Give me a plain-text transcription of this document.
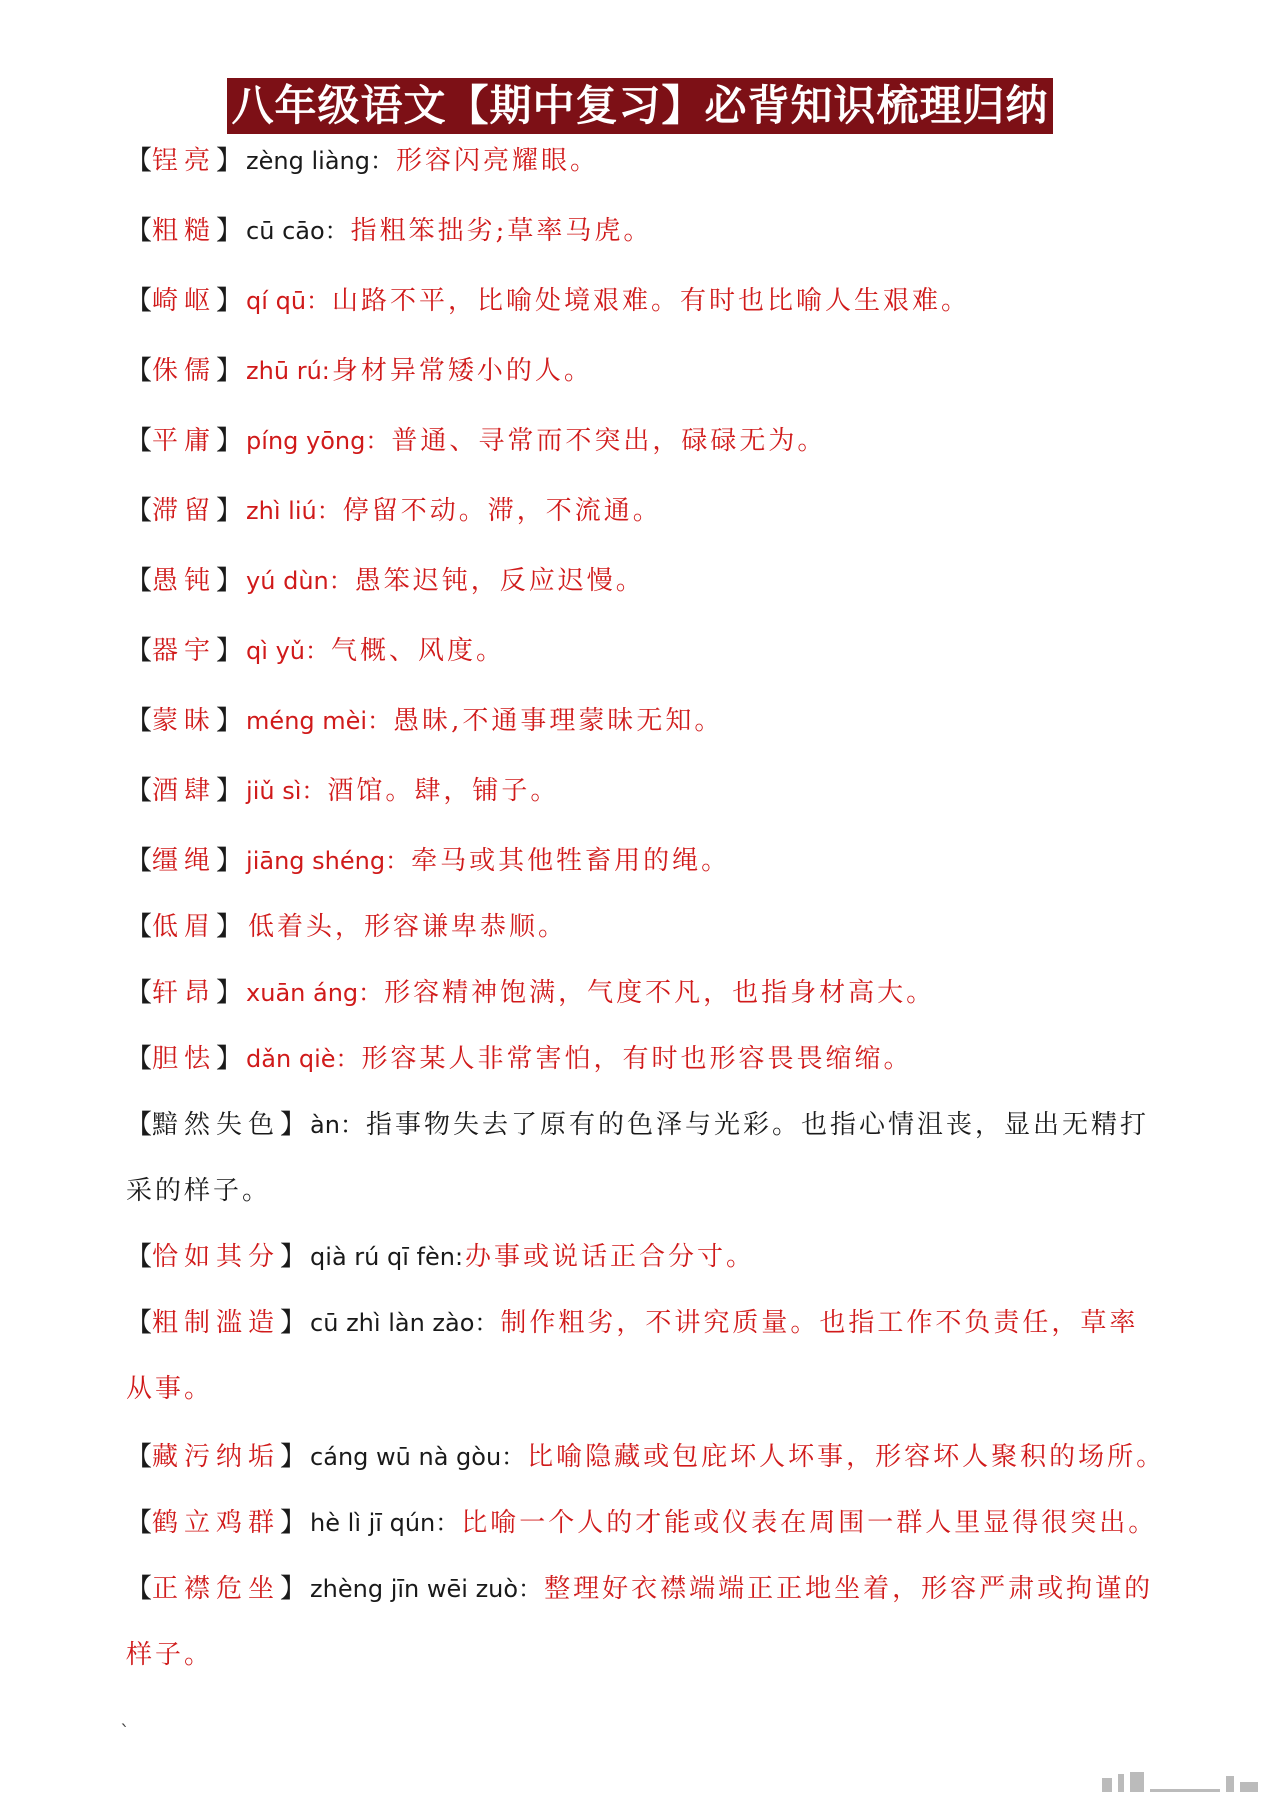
八年级语文【期中复习】必背知识梳理归纳
【锃亮】 zèng liàng：形容闪亮耀眼。
【粗糙】 cū cāo：指粗笨拙劣;草率马虎。
【崎岖】 qí qū：山路不平，比喻处境艰难。有时也比喻人生艰难。
【侏儒】 zhū rú:身材异常矮小的人。
【平庸】 píng yōng：普通、寻常而不突出，碌碌无为。
【滞留】 zhì liú：停留不动。滞，不流通。
【愚钝】 yú dùn：愚笨迟钝，反应迟慢。
【器宇】 qì yǔ：气概、风度。
【蒙昧】 méng mèi：愚昧,不通事理蒙昧无知。
【酒肆】 jiǔ sì：酒馆。肆，铺子。
【缰绳】 jiāng shéng：牵马或其他牲畜用的绳。
【低眉】 低着头，形容谦卑恭顺。
【轩昂】 xuān áng：形容精神饱满，气度不凡，也指身材高大。
【胆怯】 dǎn qiè：形容某人非常害怕，有时也形容畏畏缩缩。
【黯然失色】 àn：指事物失去了原有的色泽与光彩。也指心情沮丧，显出无精打采的样子。
【恰如其分】 qià rú qī fèn:办事或说话正合分寸。
【粗制滥造】 cū zhì làn zào：制作粗劣，不讲究质量。也指工作不负责任，草率从事。
【藏污纳垢】 cáng wū nà gòu：比喻隐藏或包庇坏人坏事，形容坏人聚积的场所。
【鹤立鸡群】 hè lì jī qún：比喻一个人的才能或仪表在周围一群人里显得很突出。
【正襟危坐】 zhèng jīn wēi zuò：整理好衣襟端端正正地坐着，形容严肃或拘谨的样子。
`
